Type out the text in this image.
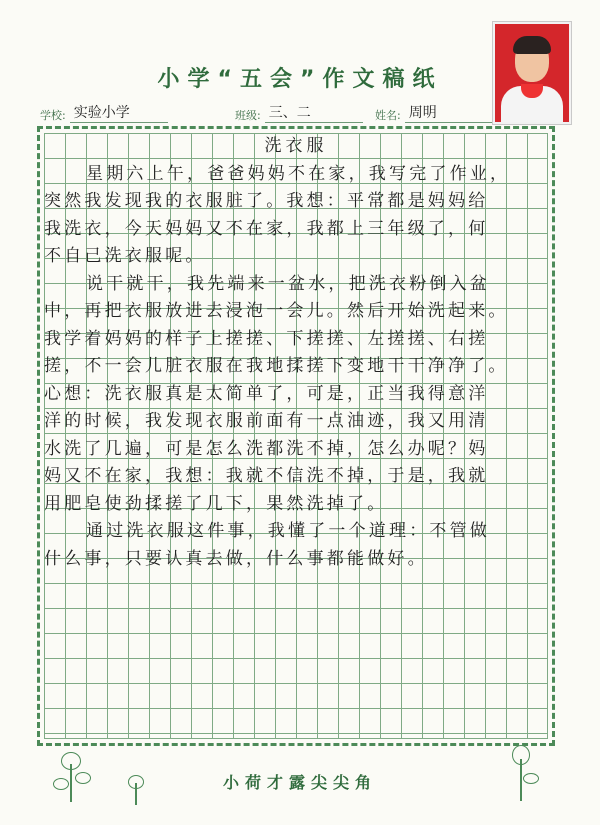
小学“五会”作文稿纸
学校: 实验小学	班级: 三、二	姓名: 周明
洗衣服
星期六上午，爸爸妈妈不在家，我写完了作业，
突然我发现我的衣服脏了。我想：平常都是妈妈给
我洗衣，今天妈妈又不在家，我都上三年级了，何
不自己洗衣服呢。
说干就干，我先端来一盆水，把洗衣粉倒入盆
中，再把衣服放进去浸泡一会儿。然后开始洗起来。
我学着妈妈的样子上搓搓、下搓搓、左搓搓、右搓
搓，不一会儿脏衣服在我地揉搓下变地干干净净了。
心想：洗衣服真是太简单了，可是，正当我得意洋
洋的时候，我发现衣服前面有一点油迹，我又用清
水洗了几遍，可是怎么洗都洗不掉，怎么办呢？妈
妈又不在家，我想：我就不信洗不掉，于是，我就
用肥皂使劲揉搓了几下，果然洗掉了。
通过洗衣服这件事，我懂了一个道理：不管做
什么事，只要认真去做，什么事都能做好。
小荷才露尖尖角
